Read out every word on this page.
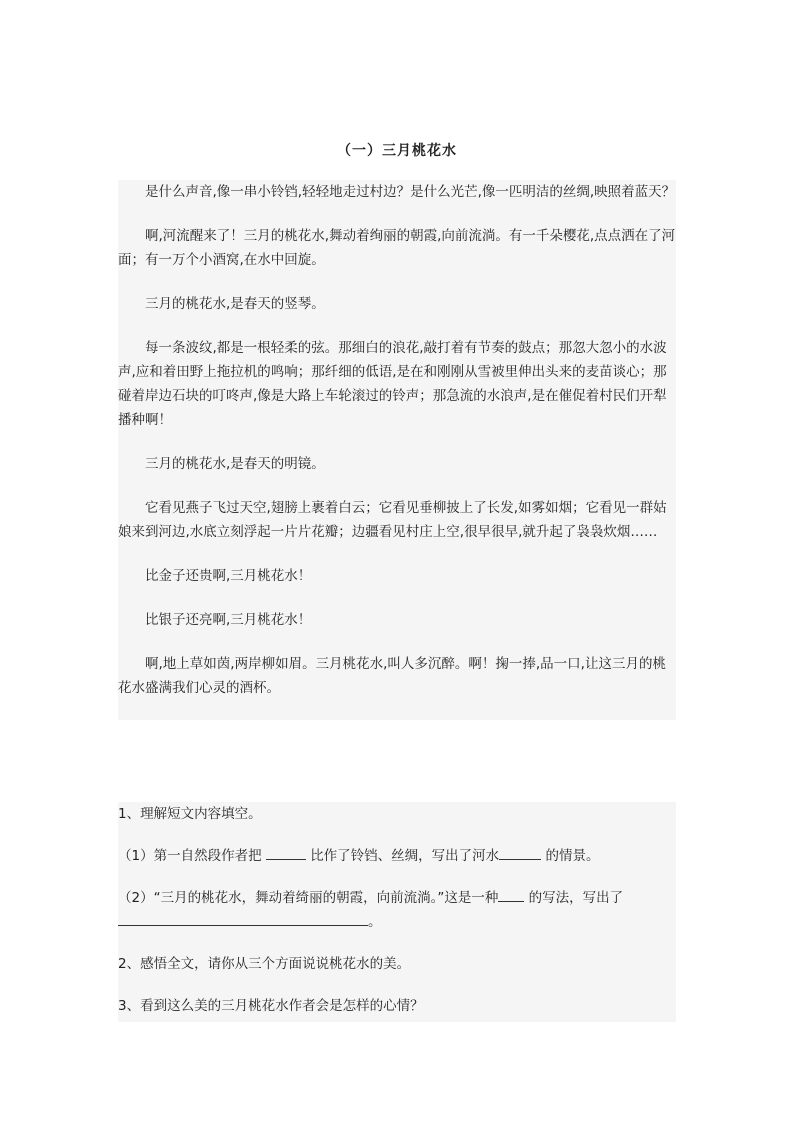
（一）三月桃花水

是什么声音,像一串小铃铛,轻轻地走过村边？是什么光芒,像一匹明洁的丝绸,映照着蓝天？

啊,河流醒来了！三月的桃花水,舞动着绚丽的朝霞,向前流淌。有一千朵樱花,点点洒在了河面；有一万个小酒窝,在水中回旋。

三月的桃花水,是春天的竖琴。

每一条波纹,都是一根轻柔的弦。那细白的浪花,敲打着有节奏的鼓点；那忽大忽小的水波声,应和着田野上拖拉机的鸣响；那纤细的低语,是在和刚刚从雪被里伸出头来的麦苗谈心；那碰着岸边石块的叮咚声,像是大路上车轮滚过的铃声；那急流的水浪声,是在催促着村民们开犁播种啊！

三月的桃花水,是春天的明镜。

它看见燕子飞过天空,翅膀上裹着白云；它看见垂柳披上了长发,如雾如烟；它看见一群姑娘来到河边,水底立刻浮起一片片花瓣；边疆看见村庄上空,很早很早,就升起了袅袅炊烟……

比金子还贵啊,三月桃花水！

比银子还亮啊,三月桃花水！

啊,地上草如茵,两岸柳如眉。三月桃花水,叫人多沉醉。啊！掬一捧,品一口,让这三月的桃花水盛满我们心灵的酒杯。

1、理解短文内容填空。

（1）第一自然段作者把	比作了铃铛、丝绸，写出了河水	的情景。

（2）“三月的桃花水，舞动着绮丽的朝霞，向前流淌。”这是一种 的写法，写出了。

2、感悟全文，请你从三个方面说说桃花水的美。

3、看到这么美的三月桃花水作者会是怎样的心情？
